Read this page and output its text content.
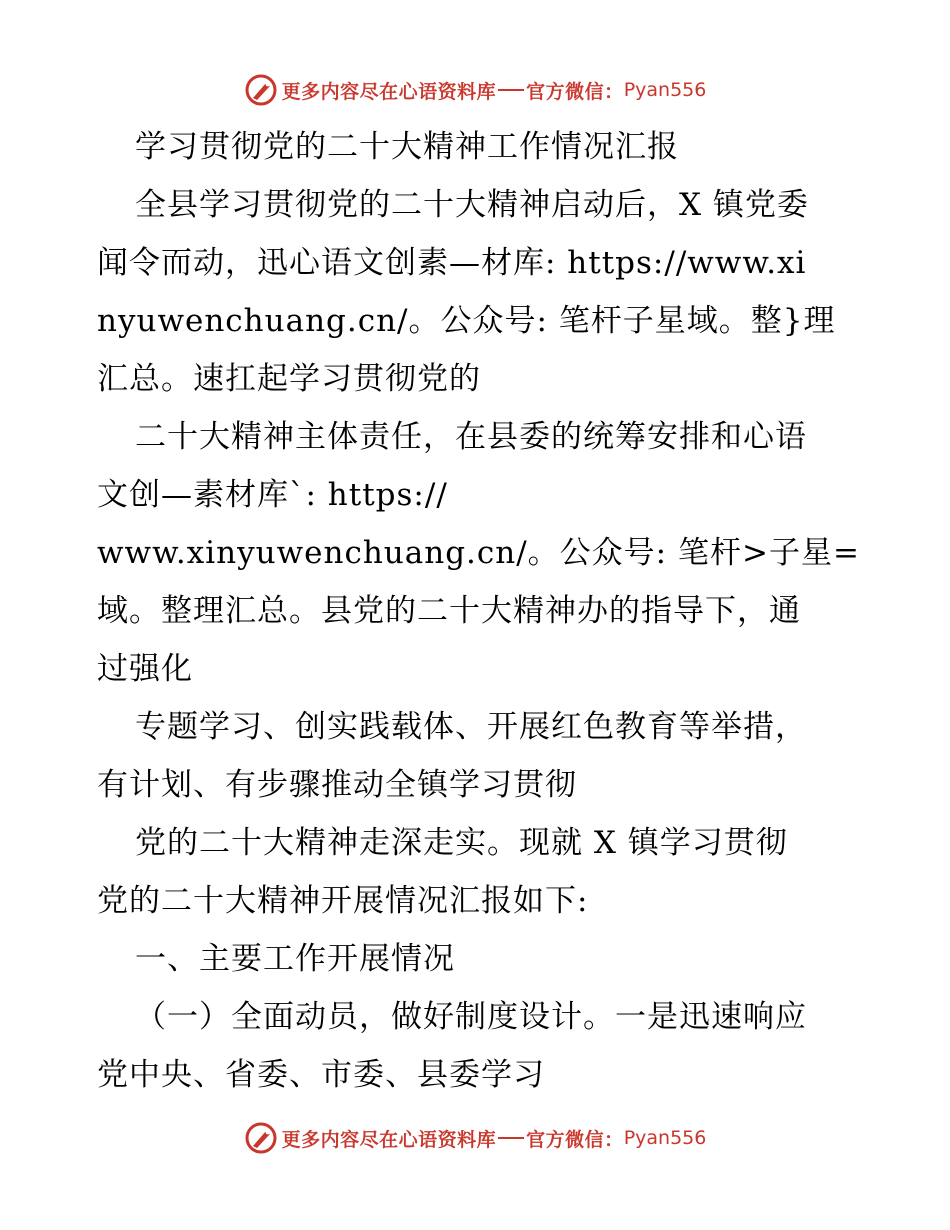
更多内容尽在心语资料库 官方微信： Pyan556
学习贯彻党的二十大精神工作情况汇报
全县学习贯彻党的二十大精神启动后，X 镇党委
闻令而动，迅心语文创素—材库: https://www.xi
nyuwenchuang.cn/。公众号: 笔杆子星域。整}理
汇总。速扛起学习贯彻党的
二十大精神主体责任，在县委的统筹安排和心语
文创—素材库`: https://
www.xinyuwenchuang.cn/。公众号: 笔杆>子星=
域。整理汇总。县党的二十大精神办的指导下，通
过强化
专题学习、创实践载体、开展红色教育等举措，
有计划、有步骤推动全镇学习贯彻
党的二十大精神走深走实。现就 X 镇学习贯彻
党的二十大精神开展情况汇报如下:
一、主要工作开展情况
（一）全面动员，做好制度设计。一是迅速响应
党中央、省委、市委、县委学习
更多内容尽在心语资料库 官方微信： Pyan556
